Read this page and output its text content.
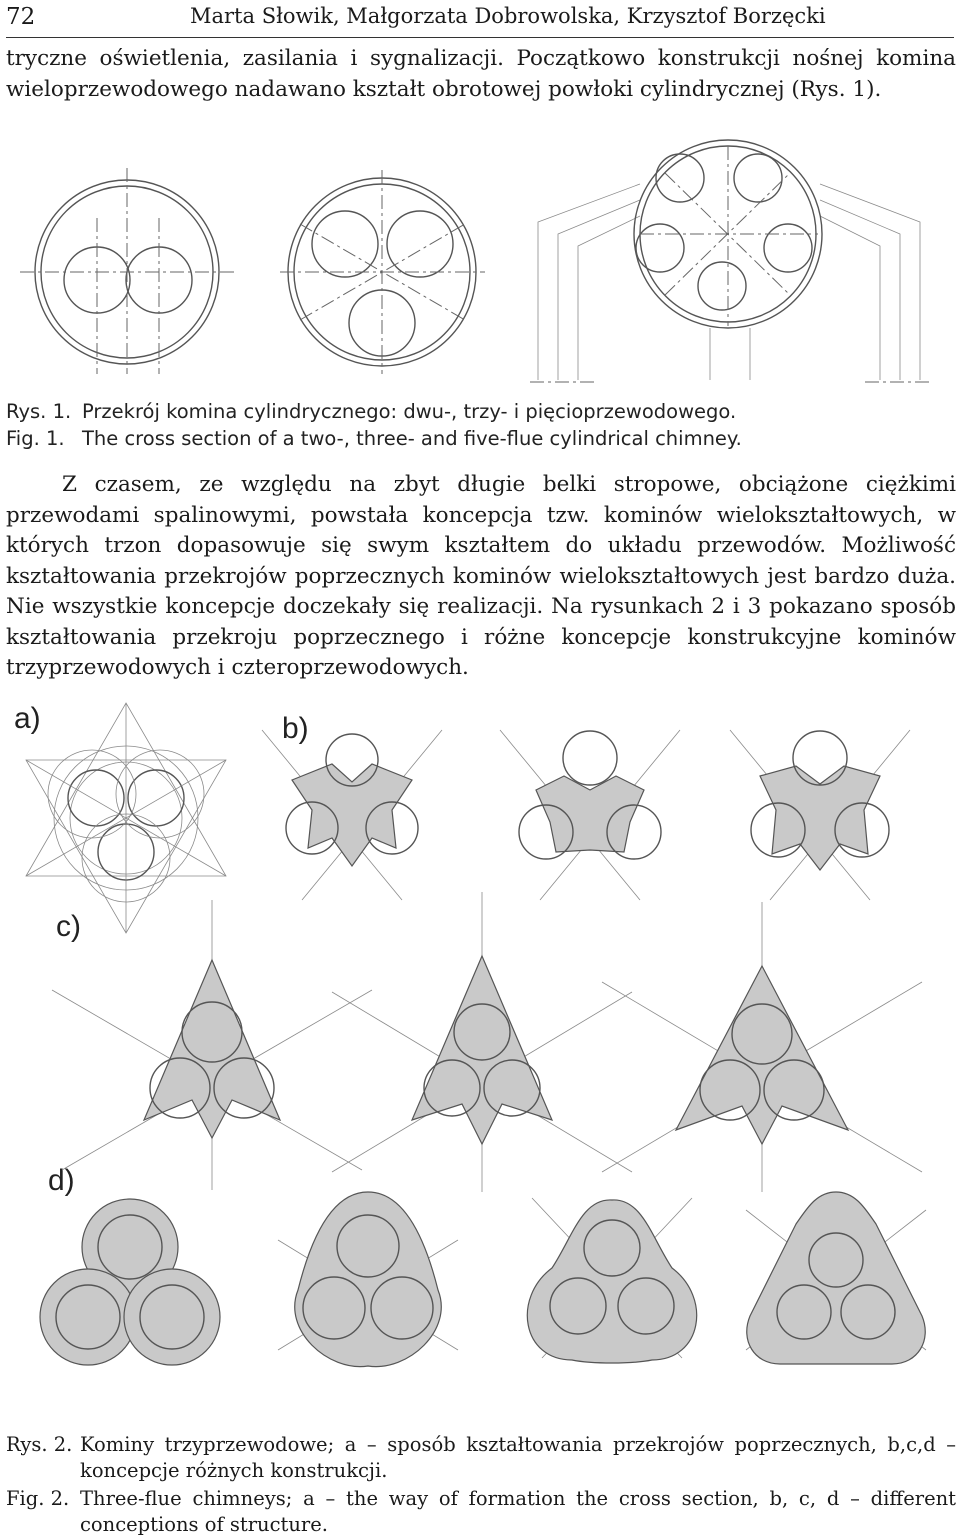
72	Marta Słowik, Małgorzata Dobrowolska, Krzysztof Borzęcki

tryczne oświetlenia, zasilania i sygnalizacji. Początkowo konstrukcji nośnej komina wieloprzewodowego nadawano kształt obrotowej powłoki cylindrycznej (Rys. 1).

Rys. 1. Przekrój komina cylindrycznego: dwu-, trzy- i pięcioprzewodowego.
Fig. 1. The cross section of a two-, three- and five-flue cylindrical chimney.

Z czasem, ze względu na zbyt długie belki stropowe, obciążone ciężkimi przewodami spalinowymi, powstała koncepcja tzw. kominów wielokształtowych, w których trzon dopasowuje się swym kształtem do układu przewodów. Możliwość kształtowania przekrojów poprzecznych kominów wielokształtowych jest bardzo duża. Nie wszystkie koncepcje doczekały się realizacji. Na rysunkach 2 i 3 pokazano sposób kształtowania przekroju poprzecznego i różne koncepcje konstrukcyjne kominów trzyprzewodowych i czteroprzewodowych.

a)	b)
c)
d)
Rys. 2. Kominy trzyprzewodowe; a – sposób kształtowania przekrojów poprzecznych, b,c,d – koncepcje różnych konstrukcji.
Fig. 2. Three-flue chimneys; a – the way of formation the cross section, b, c, d – different conceptions of structure.
